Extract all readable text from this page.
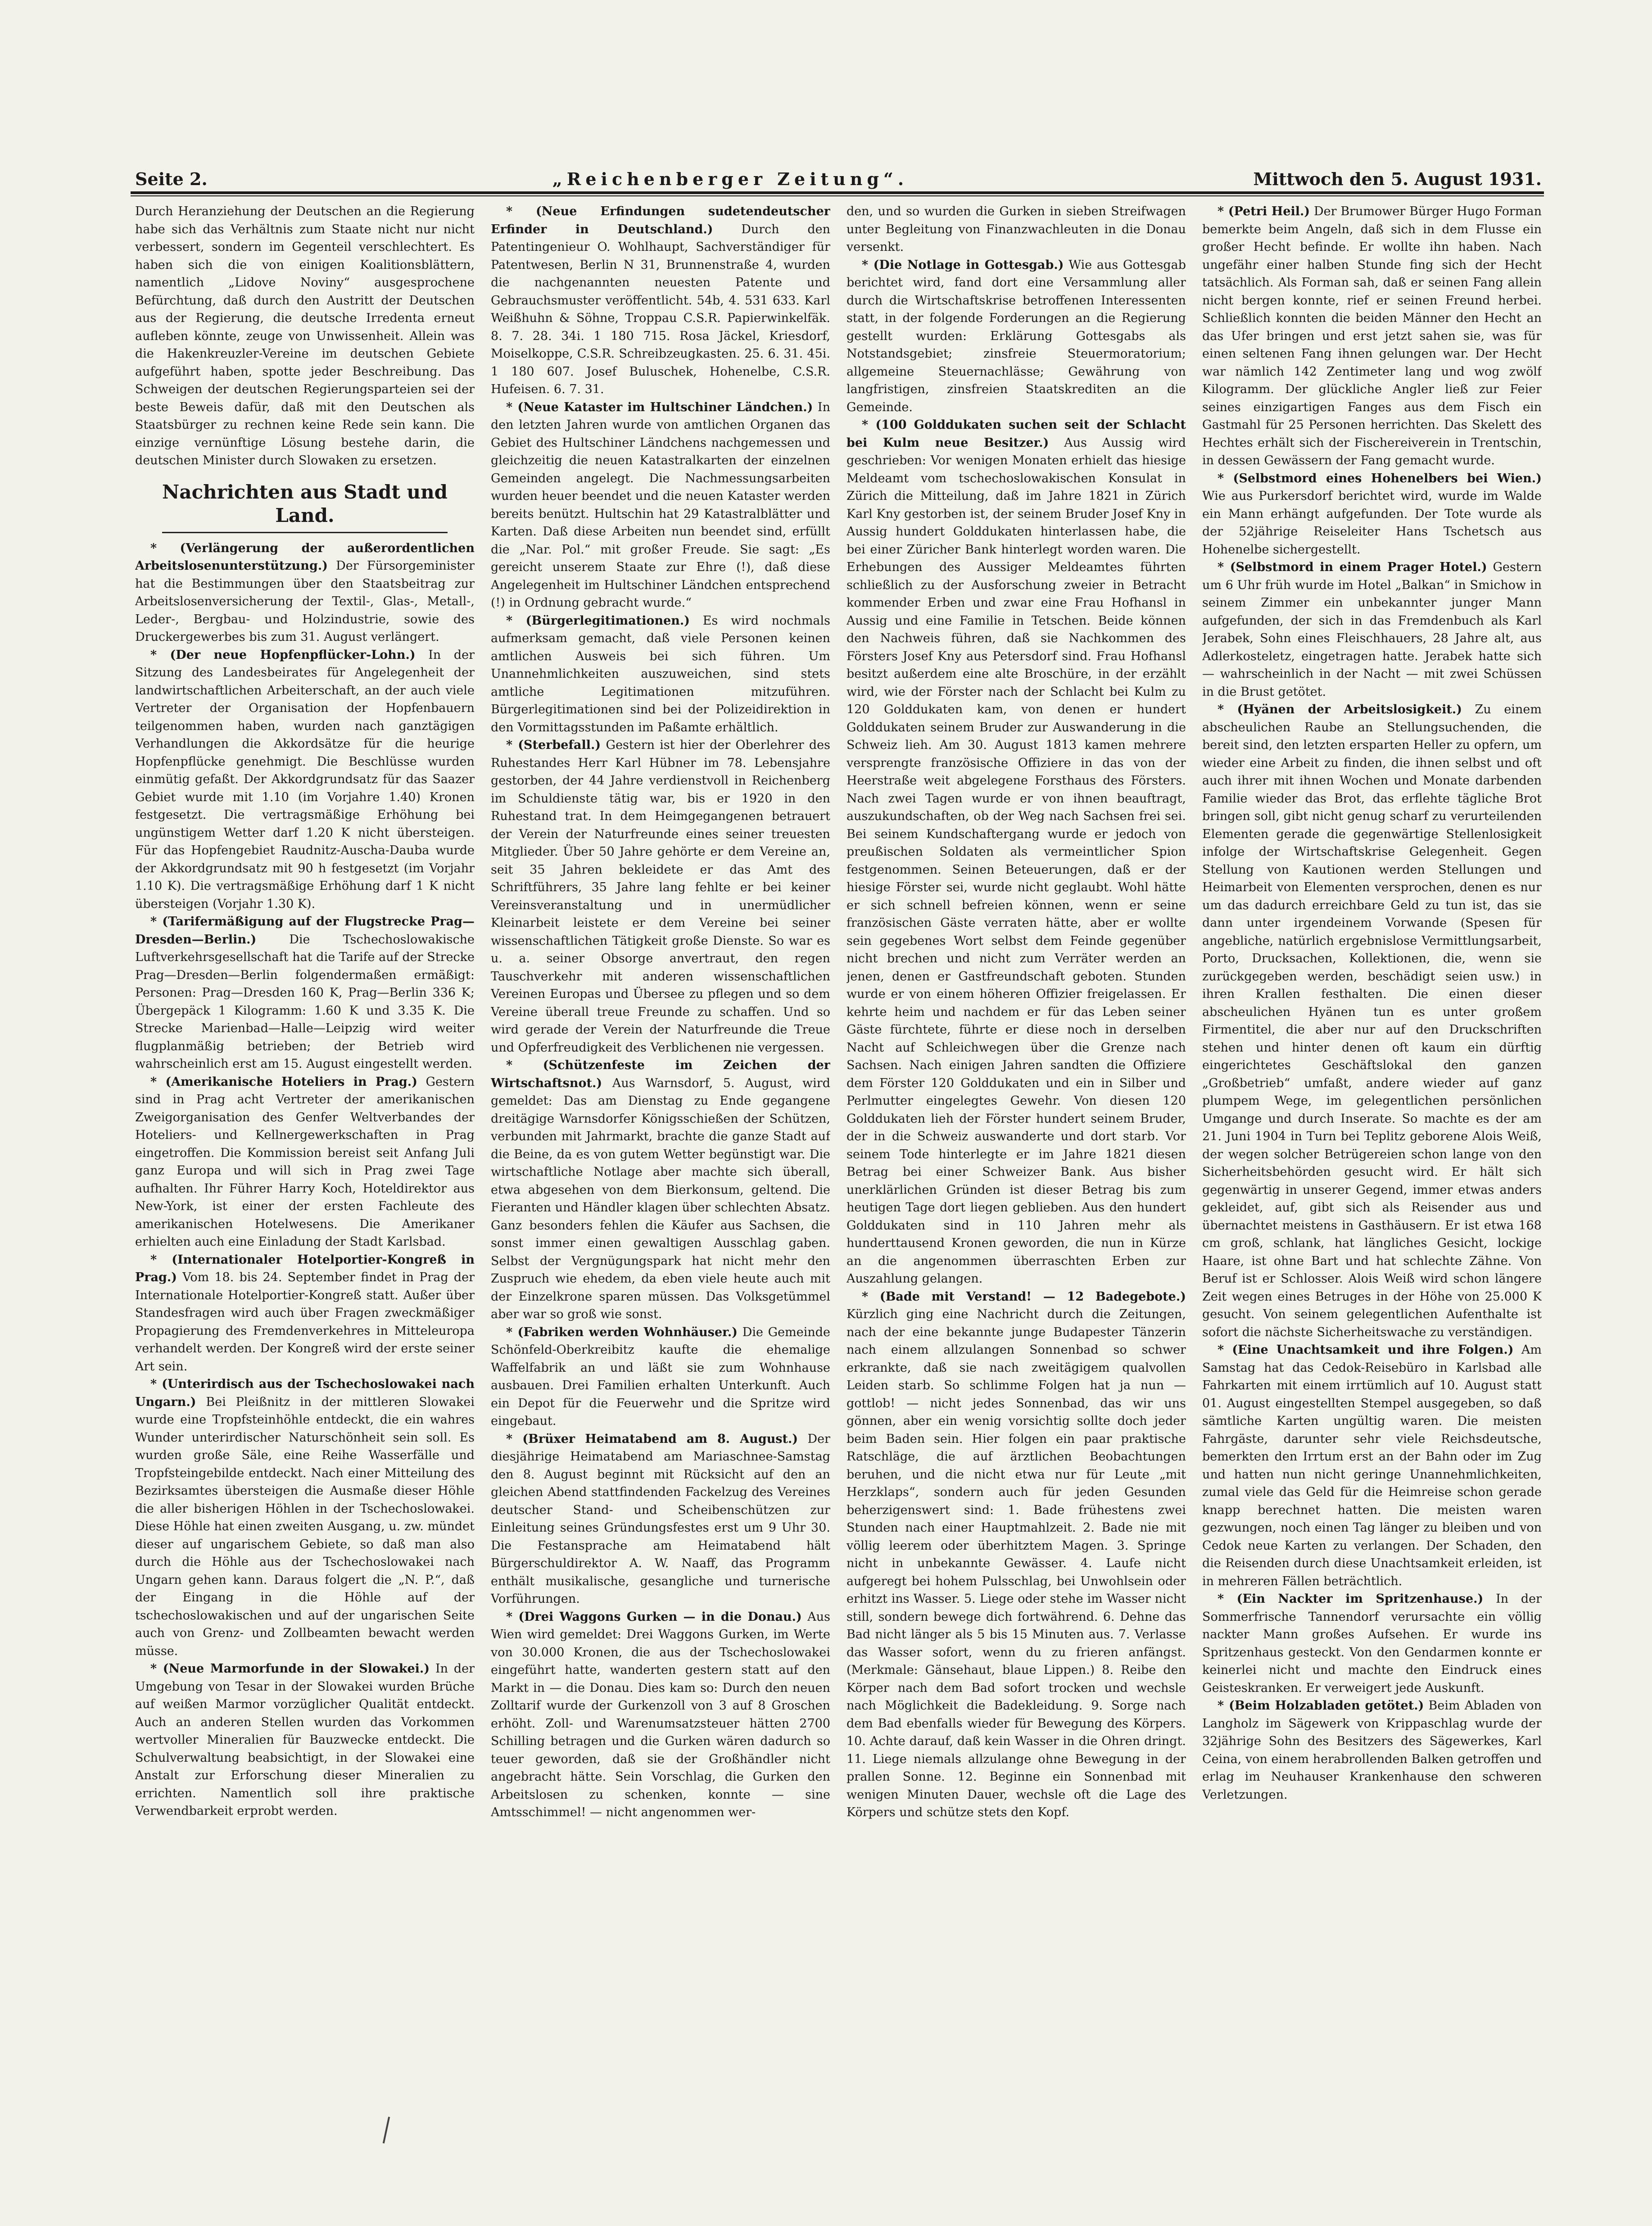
Seite 2.	„Reichenberger Zeitung“.	Mittwoch den 5. August 1931.

Durch Heranziehung der Deutschen an die Regierung habe sich das Verhältnis zum Staate nicht nur nicht verbessert, sondern im Gegenteil verschlechtert. Es haben sich die von einigen Koalitionsblättern, namentlich „Lidove Noviny“ ausgesprochene Befürchtung, daß durch den Austritt der Deutschen aus der Regierung, die deutsche Irredenta erneut aufleben könnte, zeuge von Unwissenheit. Allein was die Hakenkreuzler-Vereine im deutschen Gebiete aufgeführt haben, spotte jeder Beschreibung. Das Schweigen der deutschen Regierungsparteien sei der beste Beweis dafür, daß mit den Deutschen als Staatsbürger zu rechnen keine Rede sein kann. Die einzige vernünftige Lösung bestehe darin, die deutschen Minister durch Slowaken zu ersetzen.

Nachrichten aus Stadt und Land.

* (Verlängerung der außerordentlichen Arbeitslosenunterstützung.) Der Fürsorgeminister hat die Bestimmungen über den Staatsbeitrag zur Arbeitslosenversicherung der Textil-, Glas-, Metall-, Leder-, Bergbau- und Holzindustrie, sowie des Druckergewerbes bis zum 31. August verlängert.

* (Der neue Hopfenpflücker-Lohn.) In der Sitzung des Landesbeirates für Angelegenheit der landwirtschaftlichen Arbeiterschaft, an der auch viele Vertreter der Organisation der Hopfenbauern teilgenommen haben, wurden nach ganztägigen Verhandlungen die Akkordsätze für die heurige Hopfenpflücke genehmigt. Die Beschlüsse wurden einmütig gefaßt. Der Akkordgrundsatz für das Saazer Gebiet wurde mit 1.10 (im Vorjahre 1.40) Kronen festgesetzt. Die vertragsmäßige Erhöhung bei ungünstigem Wetter darf 1.20 K nicht übersteigen. Für das Hopfengebiet Raudnitz-Auscha-Dauba wurde der Akkordgrundsatz mit 90 h festgesetzt (im Vorjahr 1.10 K). Die vertragsmäßige Erhöhung darf 1 K nicht übersteigen (Vorjahr 1.30 K).

* (Tarifermäßigung auf der Flugstrecke Prag—Dresden—Berlin.)	Die Tschechoslowakische Luftverkehrsgesellschaft hat die Tarife auf der Strecke Prag—Dresden—Berlin folgendermaßen ermäßigt: Personen: Prag—Dresden 160 K, Prag—Berlin 336 K; Übergepäck 1 Kilogramm: 1.60 K und 3.35 K. Die Strecke Marienbad—Halle—Leipzig wird weiter flugplanmäßig betrieben; der Betrieb wird wahrscheinlich erst am 15. August eingestellt werden.

* (Amerikanische Hoteliers in Prag.) Gestern sind in Prag acht Vertreter der amerikanischen Zweigorganisation des Genfer Weltverbandes der Hoteliers- und Kellnergewerkschaften in Prag eingetroffen. Die Kommission bereist seit Anfang Juli ganz Europa und will sich in Prag zwei Tage aufhalten. Ihr Führer Harry Koch, Hoteldirektor aus New-York, ist einer der ersten Fachleute des amerikanischen Hotelwesens. Die Amerikaner erhielten auch eine Einladung der Stadt Karlsbad.

* (Internationaler Hotelportier-Kongreß in Prag.) Vom 18. bis 24. September findet in Prag der Internationale Hotelportier-Kongreß statt. Außer über Standesfragen wird auch über Fragen zweckmäßiger Propagierung des Fremdenverkehres in Mitteleuropa verhandelt werden. Der Kongreß wird der erste seiner Art sein.

* (Unterirdisch aus der Tschechoslowakei nach Ungarn.) Bei Pleißnitz in der mittleren Slowakei wurde eine Tropfsteinhöhle entdeckt, die ein wahres Wunder unterirdischer Naturschönheit sein soll. Es wurden große Säle, eine Reihe Wasserfälle und Tropfsteingebilde entdeckt. Nach einer Mitteilung des Bezirksamtes übersteigen die Ausmaße dieser Höhle die aller bisherigen Höhlen in der Tschechoslowakei. Diese Höhle hat einen zweiten Ausgang, u. zw. mündet dieser auf ungarischem Gebiete, so daß man also durch die Höhle aus der Tschechoslowakei nach Ungarn gehen kann. Daraus folgert die „N. P.“, daß der Eingang in die Höhle auf der tschechoslowakischen und auf der ungarischen Seite auch von Grenz- und Zollbeamten bewacht werden müsse.

* (Neue Marmorfunde in der Slowakei.) In der Umgebung von Tesar in der Slowakei wurden Brüche auf weißen Marmor vorzüglicher Qualität entdeckt. Auch an anderen Stellen wurden das Vorkommen wertvoller Mineralien für Bauzwecke entdeckt. Die Schulverwaltung beabsichtigt, in der Slowakei eine Anstalt zur Erforschung dieser Mineralien zu errichten. Namentlich soll ihre praktische Verwendbarkeit erprobt werden.

* (Neue Erfindungen sudetendeutscher Erfinder in Deutschland.) Durch den Patentingenieur O. Wohlhaupt, Sachverständiger für Patentwesen, Berlin N 31, Brunnenstraße 4, wurden die nachgenannten neuesten Patente und Gebrauchsmuster veröffentlicht. 54b, 4. 531 633. Karl Weißhuhn & Söhne, Troppau C.S.R. Papierwinkelfäk. 8. 7. 28. 34i. 1 180 715. Rosa Jäckel, Kriesdorf, Moiselkoppe, C.S.R. Schreibzeugkasten. 25. 6. 31. 45i. 1 180 607. Josef Buluschek, Hohenelbe, C.S.R. Hufeisen. 6. 7. 31.

* (Neue Kataster im Hultschiner Ländchen.) In den letzten Jahren wurde von amtlichen Organen das Gebiet des Hultschiner Ländchens nachgemessen und gleichzeitig die neuen Katastralkarten der einzelnen Gemeinden angelegt. Die Nachmessungsarbeiten wurden heuer beendet und die neuen Kataster werden bereits benützt. Hultschin hat 29 Katastralblätter und Karten. Daß diese Arbeiten nun beendet sind, erfüllt die „Nar. Pol.“ mit großer Freude. Sie sagt: „Es gereicht unserem Staate zur Ehre (!), daß diese Angelegenheit im Hultschiner Ländchen entsprechend (!) in Ordnung gebracht wurde.“

* (Bürgerlegitimationen.) Es wird nochmals aufmerksam gemacht, daß viele Personen keinen amtlichen Ausweis bei sich führen. Um Unannehmlichkeiten auszuweichen, sind stets amtliche Legitimationen mitzuführen. Bürgerlegitimationen sind bei der Polizeidirektion in den Vormittagsstunden im Paßamte erhältlich.

* (Sterbefall.) Gestern ist hier der Oberlehrer des Ruhestandes Herr Karl Hübner im 78. Lebensjahre gestorben, der 44 Jahre verdienstvoll in Reichenberg im Schuldienste tätig war, bis er 1920 in den Ruhestand trat. In dem Heimgegangenen betrauert der Verein der Naturfreunde eines seiner treuesten Mitglieder. Über 50 Jahre gehörte er dem Vereine an, seit 35 Jahren bekleidete er das Amt des Schriftführers, 35 Jahre lang fehlte er bei keiner Vereinsveranstaltung und in unermüdlicher Kleinarbeit leistete er dem Vereine bei seiner wissenschaftlichen Tätigkeit große Dienste. So war es u. a. seiner Obsorge anvertraut, den regen Tauschverkehr mit anderen wissenschaftlichen Vereinen Europas und Übersee zu pflegen und so dem Vereine überall treue Freunde zu schaffen. Und so wird gerade der Verein der Naturfreunde die Treue und Opferfreudigkeit des Verblichenen nie vergessen.

* (Schützenfeste im Zeichen der Wirtschaftsnot.) Aus Warnsdorf, 5. August, wird gemeldet: Das am Dienstag zu Ende gegangene dreitägige Warnsdorfer Königsschießen der Schützen, verbunden mit Jahrmarkt, brachte die ganze Stadt auf die Beine, da es von gutem Wetter begünstigt war. Die wirtschaftliche Notlage aber machte sich überall, etwa abgesehen von dem Bierkonsum, geltend. Die Fieranten und Händler klagen über schlechten Absatz. Ganz besonders fehlen die Käufer aus Sachsen, die sonst immer einen gewaltigen Ausschlag gaben. Selbst der Vergnügungspark hat nicht mehr den Zuspruch wie ehedem, da eben viele heute auch mit der Einzelkrone sparen müssen. Das Volksgetümmel aber war so groß wie sonst.

* (Fabriken werden Wohnhäuser.) Die Gemeinde Schönfeld-Oberkreibitz kaufte die ehemalige Waffelfabrik an und läßt sie zum Wohnhause ausbauen. Drei Familien erhalten Unterkunft. Auch ein Depot für die Feuerwehr und die Spritze wird eingebaut.

* (Brüxer Heimatabend am 8. August.) Der diesjährige Heimatabend am Mariaschnee-Samstag den 8. August beginnt mit Rücksicht auf den an gleichen Abend stattfindenden Fackelzug des Vereines deutscher Stand- und Scheibenschützen zur Einleitung seines Gründungsfestes erst um 9 Uhr 30. Die Festansprache am Heimatabend hält Bürgerschuldirektor A. W. Naaff, das Programm enthält musikalische, gesangliche und turnerische Vorführungen.

* (Drei Waggons Gurken — in die Donau.) Aus Wien wird gemeldet: Drei Waggons Gurken, im Werte von 30.000 Kronen, die aus der Tschechoslowakei eingeführt hatte, wanderten gestern statt auf den Markt in — die Donau. Dies kam so: Durch den neuen Zolltarif wurde der Gurkenzoll von 3 auf 8 Groschen erhöht. Zoll- und Warenumsatzsteuer hätten 2700 Schilling betragen und die Gurken wären dadurch so teuer geworden, daß sie der Großhändler nicht angebracht hätte. Sein Vorschlag, die Gurken den Arbeitslosen zu schenken, konnte — sine Amtsschimmel! — nicht angenommen wer-

den, und so wurden die Gurken in sieben Streifwagen unter Begleitung von Finanzwachleuten in die Donau versenkt.

* (Die Notlage in Gottesgab.) Wie aus Gottesgab berichtet wird, fand dort eine Versammlung aller durch die Wirtschaftskrise betroffenen Interessenten statt, in der folgende Forderungen an die Regierung gestellt wurden: Erklärung Gottesgabs als Notstandsgebiet; zinsfreie Steuermoratorium; allgemeine Steuernachlässe; Gewährung von langfristigen, zinsfreien Staatskrediten an die Gemeinde.

* (100 Golddukaten suchen seit der Schlacht bei Kulm neue Besitzer.) Aus Aussig wird geschrieben: Vor wenigen Monaten erhielt das hiesige Meldeamt vom tschechoslowakischen Konsulat in Zürich die Mitteilung, daß im Jahre 1821 in Zürich Karl Kny gestorben ist, der seinem Bruder Josef Kny in Aussig hundert Golddukaten hinterlassen habe, die bei einer Züricher Bank hinterlegt worden waren. Die Erhebungen des Aussiger Meldeamtes führten schließlich zu der Ausforschung zweier in Betracht kommender Erben und zwar eine Frau Hofhansl in Aussig und eine Familie in Tetschen. Beide können den Nachweis führen, daß sie Nachkommen des Försters Josef Kny aus Petersdorf sind. Frau Hofhansl besitzt außerdem eine alte Broschüre, in der erzählt wird, wie der Förster nach der Schlacht bei Kulm zu 120 Golddukaten kam, von denen er hundert Golddukaten seinem Bruder zur Auswanderung in die Schweiz lieh. Am 30. August 1813 kamen mehrere versprengte französische Offiziere in das von der Heerstraße weit abgelegene Forsthaus des Försters. Nach zwei Tagen wurde er von ihnen beauftragt, auszukundschaften, ob der Weg nach Sachsen frei sei. Bei seinem Kundschaftergang wurde er jedoch von preußischen Soldaten als vermeintlicher Spion festgenommen. Seinen Beteuerungen, daß er der hiesige Förster sei, wurde nicht geglaubt. Wohl hätte er sich schnell befreien können, wenn er seine französischen Gäste verraten hätte, aber er wollte sein gegebenes Wort selbst dem Feinde gegenüber nicht brechen und nicht zum Verräter werden an jenen, denen er Gastfreundschaft geboten. Stunden wurde er von einem höheren Offizier freigelassen. Er kehrte heim und nachdem er für das Leben seiner Gäste fürchtete, führte er diese noch in derselben Nacht auf Schleichwegen über die Grenze nach Sachsen. Nach einigen Jahren sandten die Offiziere dem Förster 120 Golddukaten und ein in Silber und Perlmutter eingelegtes Gewehr. Von diesen 120 Golddukaten lieh der Förster hundert seinem Bruder, der in die Schweiz auswanderte und dort starb. Vor seinem Tode hinterlegte er im Jahre 1821 diesen Betrag bei einer Schweizer Bank. Aus bisher unerklärlichen Gründen ist dieser Betrag bis zum heutigen Tage dort liegen geblieben. Aus den hundert Golddukaten sind in 110 Jahren mehr als hunderttausend Kronen geworden, die nun in Kürze an die angenommen überraschten Erben zur Auszahlung gelangen.

* (Bade mit Verstand! — 12 Badegebote.) Kürzlich ging eine Nachricht durch die Zeitungen, nach der eine bekannte junge Budapester Tänzerin nach einem allzulangen Sonnenbad so schwer erkrankte, daß sie nach zweitägigem qualvollen Leiden starb. So schlimme Folgen hat ja nun — gottlob! — nicht jedes Sonnenbad, das wir uns gönnen, aber ein wenig vorsichtig sollte doch jeder beim Baden sein. Hier folgen ein paar praktische Ratschläge, die auf ärztlichen Beobachtungen beruhen, und die nicht etwa nur für Leute „mit Herzklaps“, sondern auch für jeden Gesunden beherzigenswert sind: 1. Bade frühestens zwei Stunden nach einer Hauptmahlzeit. 2. Bade nie mit völlig leerem oder überhitztem Magen. 3. Springe nicht in unbekannte Gewässer. 4. Laufe nicht aufgeregt bei hohem Pulsschlag, bei Unwohlsein oder erhitzt ins Wasser. 5. Liege oder stehe im Wasser nicht still, sondern bewege dich fortwährend. 6. Dehne das Bad nicht länger als 5 bis 15 Minuten aus. 7. Verlasse das Wasser sofort, wenn du zu frieren anfängst. (Merkmale: Gänsehaut, blaue Lippen.) 8. Reibe den Körper nach dem Bad sofort trocken und wechsle nach Möglichkeit die Badekleidung. 9. Sorge nach dem Bad ebenfalls wieder für Bewegung des Körpers. 10. Achte darauf, daß kein Wasser in die Ohren dringt. 11. Liege niemals allzulange ohne Bewegung in der prallen Sonne. 12. Beginne ein Sonnenbad mit wenigen Minuten Dauer, wechsle oft die Lage des Körpers und schütze stets den Kopf.

* (Petri Heil.) Der Brumower Bürger Hugo Forman bemerkte beim Angeln, daß sich in dem Flusse ein großer Hecht befinde. Er wollte ihn haben. Nach ungefähr einer halben Stunde fing sich der Hecht tatsächlich. Als Forman sah, daß er seinen Fang allein nicht bergen konnte, rief er seinen Freund herbei. Schließlich konnten die beiden Männer den Hecht an das Ufer bringen und erst jetzt sahen sie, was für einen seltenen Fang ihnen gelungen war. Der Hecht war nämlich 142 Zentimeter lang und wog zwölf Kilogramm. Der glückliche Angler ließ zur Feier seines einzigartigen Fanges aus dem Fisch ein Gastmahl für 25 Personen herrichten. Das Skelett des Hechtes erhält sich der Fischereiverein in Trentschin, in dessen Gewässern der Fang gemacht wurde.

* (Selbstmord eines Hohenelbers bei Wien.) Wie aus Purkersdorf berichtet wird, wurde im Walde ein Mann erhängt aufgefunden. Der Tote wurde als der 52jährige Reiseleiter Hans Tschetsch aus Hohenelbe sichergestellt.

* (Selbstmord in einem Prager Hotel.) Gestern um 6 Uhr früh wurde im Hotel „Balkan“ in Smichow in seinem Zimmer ein unbekannter junger Mann aufgefunden, der sich in das Fremdenbuch als Karl Jerabek, Sohn eines Fleischhauers, 28 Jahre alt, aus Adlerkosteletz, eingetragen hatte. Jerabek hatte sich — wahrscheinlich in der Nacht — mit zwei Schüssen in die Brust getötet.

* (Hyänen der Arbeitslosigkeit.) Zu einem abscheulichen Raube an Stellungsuchenden, die bereit sind, den letzten ersparten Heller zu opfern, um wieder eine Arbeit zu finden, die ihnen selbst und oft auch ihrer mit ihnen Wochen und Monate darbenden Familie wieder das Brot, das erflehte tägliche Brot bringen soll, gibt nicht genug scharf zu verurteilenden Elementen gerade die gegenwärtige Stellenlosigkeit infolge der Wirtschaftskrise Gelegenheit. Gegen Stellung von Kautionen werden Stellungen und Heimarbeit von Elementen versprochen, denen es nur um das dadurch erreichbare Geld zu tun ist, das sie dann unter irgendeinem Vorwande (Spesen für angebliche, natürlich ergebnislose Vermittlungsarbeit, Porto, Drucksachen, Kollektionen, die, wenn sie zurückgegeben werden, beschädigt seien usw.) in ihren Krallen festhalten. Die einen dieser abscheulichen Hyänen tun es unter großem Firmentitel, die aber nur auf den Druckschriften stehen und hinter denen oft kaum ein dürftig eingerichtetes Geschäftslokal den ganzen „Großbetrieb“ umfaßt, andere wieder auf ganz plumpem Wege, im gelegentlichen persönlichen Umgange und durch Inserate. So machte es der am 21. Juni 1904 in Turn bei Teplitz geborene Alois Weiß, der wegen solcher Betrügereien schon lange von den Sicherheitsbehörden gesucht wird. Er hält sich gegenwärtig in unserer Gegend, immer etwas anders gekleidet, auf, gibt sich als Reisender aus und übernachtet meistens in Gasthäusern. Er ist etwa 168 cm groß, schlank, hat längliches Gesicht, lockige Haare, ist ohne Bart und hat schlechte Zähne. Von Beruf ist er Schlosser. Alois Weiß wird schon längere Zeit wegen eines Betruges in der Höhe von 25.000 K gesucht. Von seinem gelegentlichen Aufenthalte ist sofort die nächste Sicherheitswache zu verständigen.

* (Eine Unachtsamkeit und ihre Folgen.) Am Samstag hat das Cedok-Reisebüro in Karlsbad alle Fahrkarten mit einem irrtümlich auf 10. August statt 01. August eingestellten Stempel ausgegeben, so daß sämtliche Karten ungültig waren. Die meisten Fahrgäste, darunter sehr viele Reichsdeutsche, bemerkten den Irrtum erst an der Bahn oder im Zug und hatten nun nicht geringe Unannehmlichkeiten, zumal viele das Geld für die Heimreise schon gerade knapp berechnet hatten. Die meisten waren gezwungen, noch einen Tag länger zu bleiben und von Cedok neue Karten zu verlangen. Der Schaden, den die Reisenden durch diese Unachtsamkeit erleiden, ist in mehreren Fällen beträchtlich.

* (Ein Nackter im Spritzenhause.) In der Sommerfrische Tannendorf verursachte ein völlig nackter Mann großes Aufsehen. Er wurde ins Spritzenhaus gesteckt. Von den Gendarmen konnte er keinerlei nicht und machte den Eindruck eines Geisteskranken. Er verweigert jede Auskunft.

* (Beim Holzabladen getötet.) Beim Abladen von Langholz im Sägewerk von Krippaschlag wurde der 32jährige Sohn des Besitzers des Sägewerkes, Karl Ceina, von einem herabrollenden Balken getroffen und erlag im Neuhauser Krankenhause den schweren Verletzungen.
